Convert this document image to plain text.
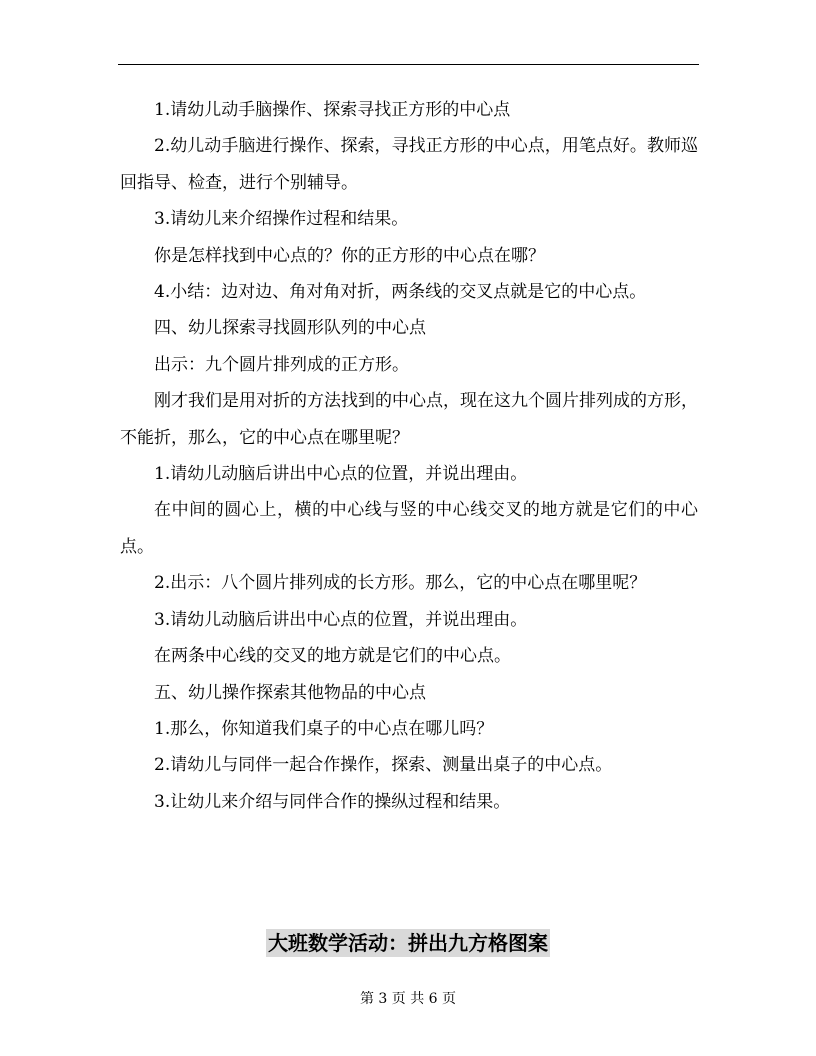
1.请幼儿动手脑操作、探索寻找正方形的中心点

2.幼儿动手脑进行操作、探索，寻找正方形的中心点，用笔点好。教师巡回指导、检查，进行个别辅导。

3.请幼儿来介绍操作过程和结果。

你是怎样找到中心点的？你的正方形的中心点在哪？

4.小结：边对边、角对角对折，两条线的交叉点就是它的中心点。

四、幼儿探索寻找圆形队列的中心点

出示：九个圆片排列成的正方形。

刚才我们是用对折的方法找到的中心点，现在这九个圆片排列成的方形，不能折，那么，它的中心点在哪里呢？

1.请幼儿动脑后讲出中心点的位置，并说出理由。

在中间的圆心上，横的中心线与竖的中心线交叉的地方就是它们的中心点。

2.出示：八个圆片排列成的长方形。那么，它的中心点在哪里呢？

3.请幼儿动脑后讲出中心点的位置，并说出理由。

在两条中心线的交叉的地方就是它们的中心点。

五、幼儿操作探索其他物品的中心点

1.那么，你知道我们桌子的中心点在哪儿吗？

2.请幼儿与同伴一起合作操作，探索、测量出桌子的中心点。

3.让幼儿来介绍与同伴合作的操纵过程和结果。

大班数学活动：拼出九方格图案
第 3 页 共 6 页
